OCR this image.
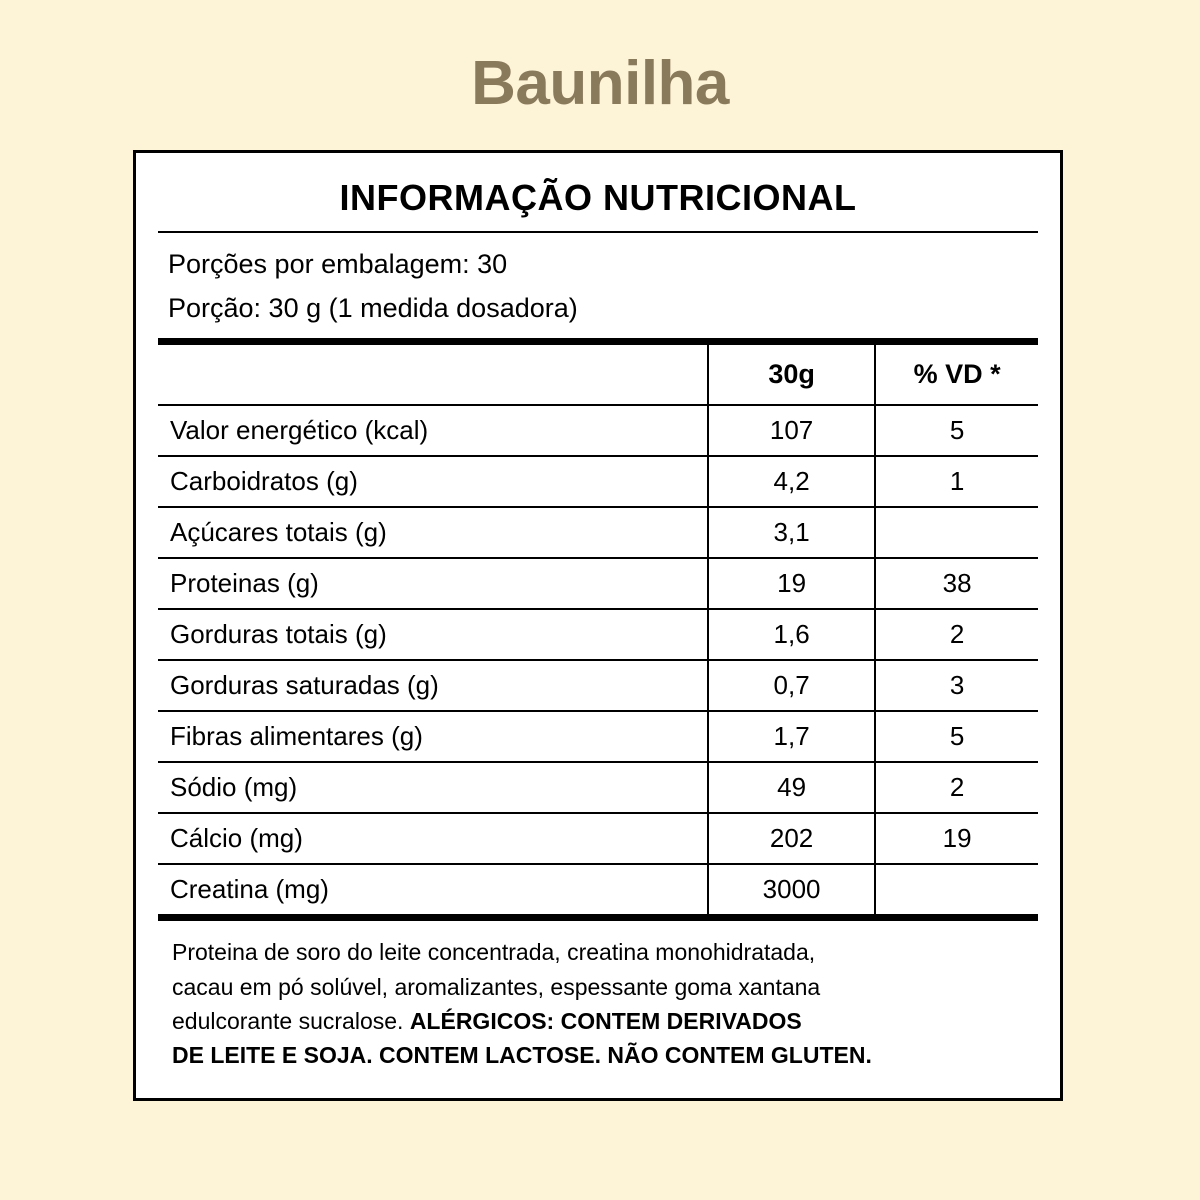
Baunilha
INFORMAÇÃO NUTRICIONAL
Porções por embalagem: 30
Porção: 30 g (1 medida dosadora)
	30g	% VD *
Valor energético (kcal)	107	5
Carboidratos (g)	4,2	1
Açúcares totais (g)	3,1	
Proteinas (g)	19	38
Gorduras totais (g)	1,6	2
Gorduras saturadas (g)	0,7	3
Fibras alimentares (g)	1,7	5
Sódio (mg)	49	2
Cálcio (mg)	202	19
Creatina (mg)	3000	

Proteina de soro do leite concentrada, creatina monohidratada,

cacau em pó solúvel, aromalizantes, espessante goma xantana

edulcorante sucralose. ALÉRGICOS: CONTEM DERIVADOS

DE LEITE E SOJA. CONTEM LACTOSE. NÃO CONTEM GLUTEN.
